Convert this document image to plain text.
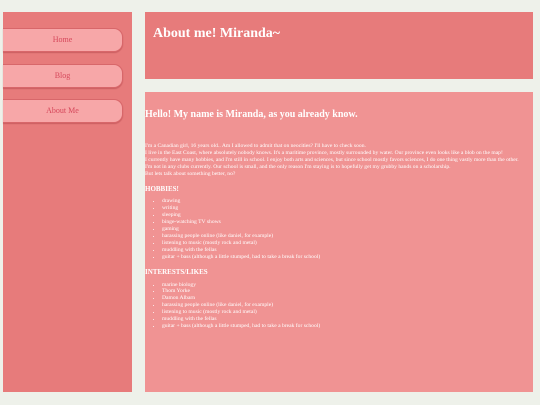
Home
Blog
About Me
About me! Miranda~
Hello! My name is Miranda, as you already know.

I'm a Canadian girl, 16 years old.. Am I allowed to admit that on neocities? I'll have to check soon.

I live in the East Coast, where absolutely nobody knows. It's a maritime province, mostly surrounded by water. Our province even looks like a blob on the map!

I currently have many hobbies, and I'm still in school. I enjoy both arts and sciences, but since school mostly favors sciences, I do one thing vastly more than the other.

I'm not in any clubs currently. Our school is small, and the only reason I'm staying is to hopefully get my grubby hands on a scholarship.

But lets talk about something better, no?

HOBBIES!
• drawing
• writing
• sleeping
• binge-watching TV shows
• gaming
• harassing people online (like daniel, for example)
• listening to music (mostly rock and metal)
• muddling with the fellas
• guitar + bass (although a little stumped, had to take a break for school)
INTERESTS/LIKES
• marine biology
• Thom Yorke
• Damon Albarn
• harassing people online (like daniel, for example)
• listening to music (mostly rock and metal)
• muddling with the fellas
• guitar + bass (although a little stumped, had to take a break for school)
